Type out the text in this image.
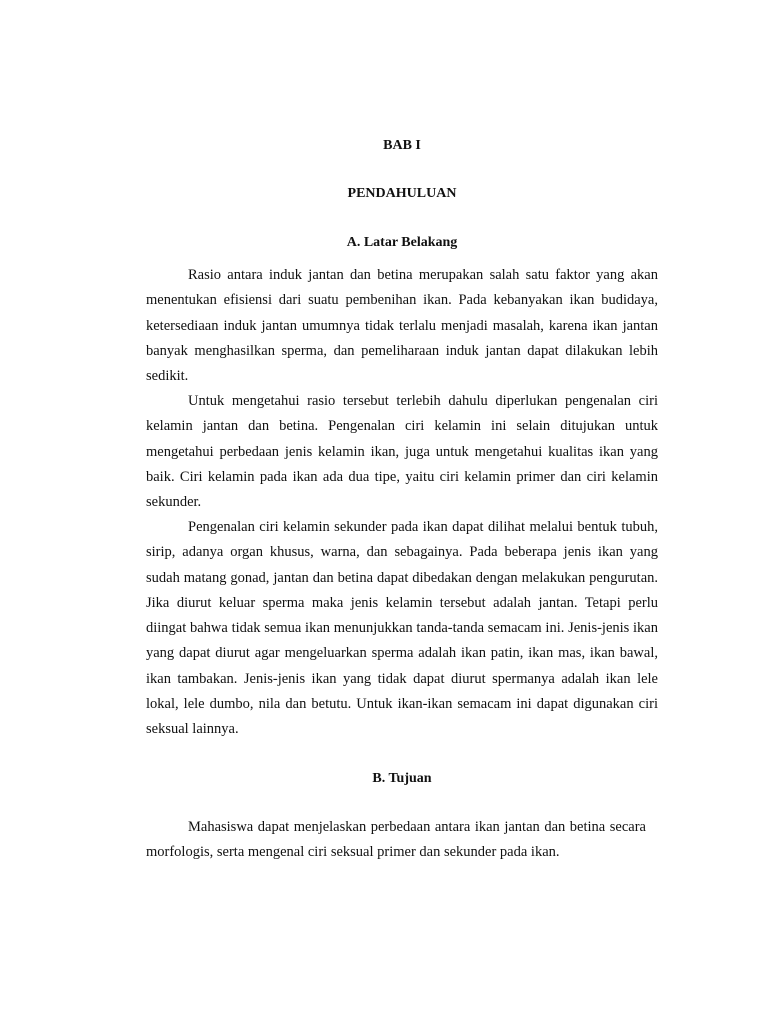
BAB I
PENDAHULUAN
A. Latar Belakang

Rasio antara induk jantan dan betina merupakan salah satu faktor yang akan menentukan efisiensi dari suatu pembenihan ikan. Pada kebanyakan ikan budidaya, ketersediaan induk jantan umumnya tidak terlalu menjadi masalah, karena ikan jantan banyak menghasilkan sperma, dan pemeliharaan induk jantan dapat dilakukan lebih sedikit.

Untuk mengetahui rasio tersebut terlebih dahulu diperlukan pengenalan ciri kelamin jantan dan betina. Pengenalan ciri kelamin ini selain ditujukan untuk mengetahui perbedaan jenis kelamin ikan, juga untuk mengetahui kualitas ikan yang baik. Ciri kelamin pada ikan ada dua tipe, yaitu ciri kelamin primer dan ciri kelamin sekunder.

Pengenalan ciri kelamin sekunder pada ikan dapat dilihat melalui bentuk tubuh, sirip, adanya organ khusus, warna, dan sebagainya. Pada beberapa jenis ikan yang sudah matang gonad, jantan dan betina dapat dibedakan dengan melakukan pengurutan. Jika diurut keluar sperma maka jenis kelamin tersebut adalah jantan. Tetapi perlu diingat bahwa tidak semua ikan menunjukkan tanda-tanda semacam ini. Jenis-jenis ikan yang dapat diurut agar mengeluarkan sperma adalah ikan patin, ikan mas, ikan bawal, ikan tambakan. Jenis-jenis ikan yang tidak dapat diurut spermanya adalah ikan lele lokal, lele dumbo, nila dan betutu. Untuk ikan-ikan semacam ini dapat digunakan ciri seksual lainnya.

B. Tujuan

Mahasiswa dapat menjelaskan perbedaan antara ikan jantan dan betina secara morfologis, serta mengenal ciri seksual primer dan sekunder pada ikan.
